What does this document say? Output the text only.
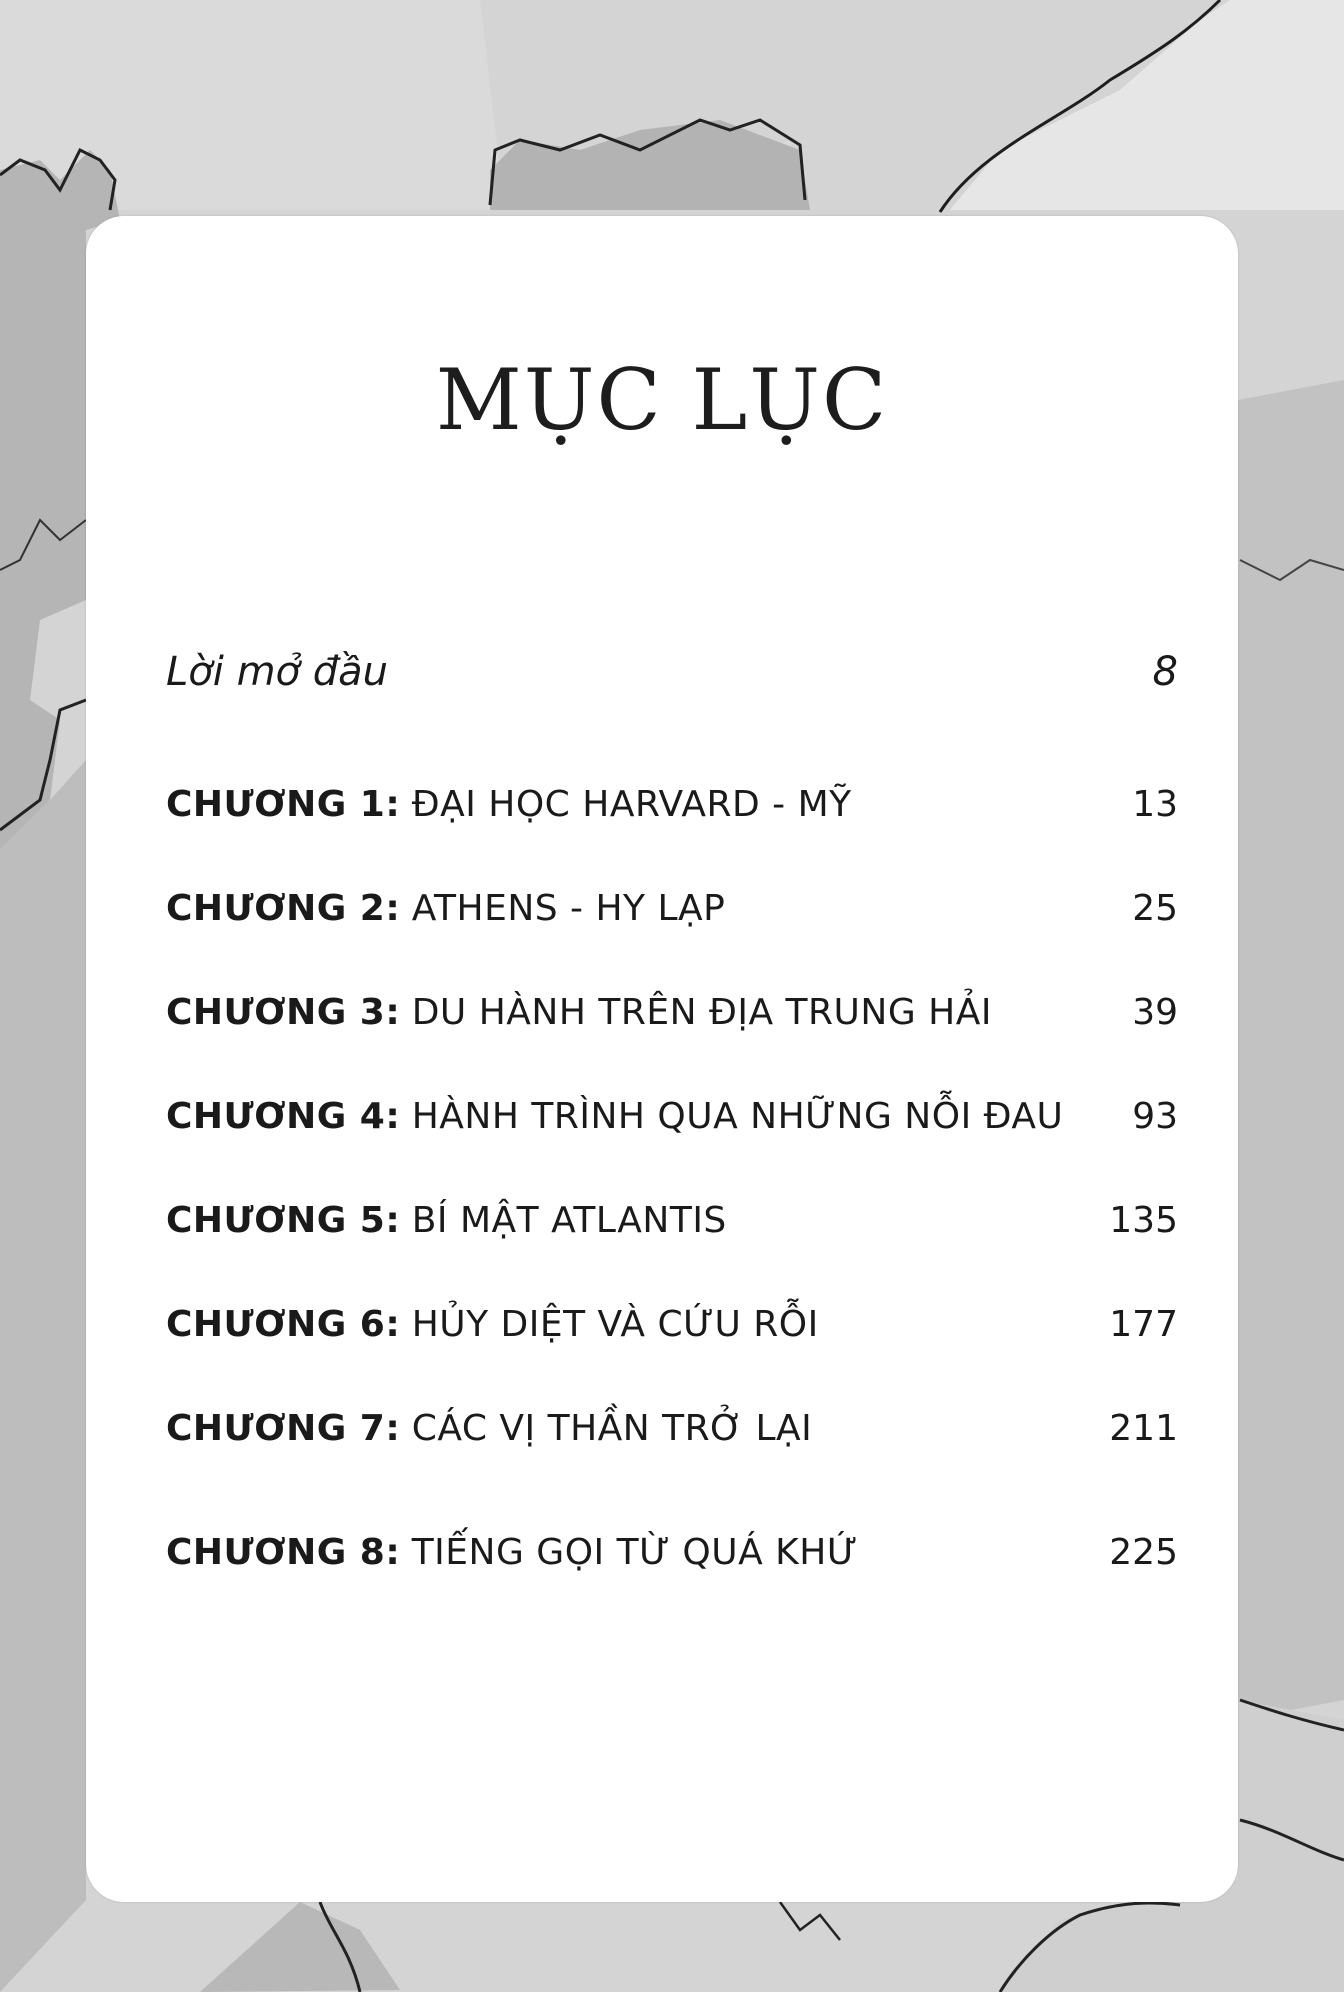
MỤC LỤC
Lời mở đầu	8
CHƯƠNG 1: ĐẠI HỌC HARVARD - MỸ	13
CHƯƠNG 2: ATHENS - HY LẠP	25
CHƯƠNG 3: DU HÀNH TRÊN ĐỊA TRUNG HẢI	39
CHƯƠNG 4: HÀNH TRÌNH QUA NHỮNG NỖI ĐAU	93
CHƯƠNG 5: BÍ MẬT ATLANTIS	135
CHƯƠNG 6: HỦY DIỆT VÀ CỨU RỖI	177
CHƯƠNG 7: CÁC VỊ THẦN TRỞ LẠI	211
CHƯƠNG 8: TIẾNG GỌI TỪ QUÁ KHỨ	225
